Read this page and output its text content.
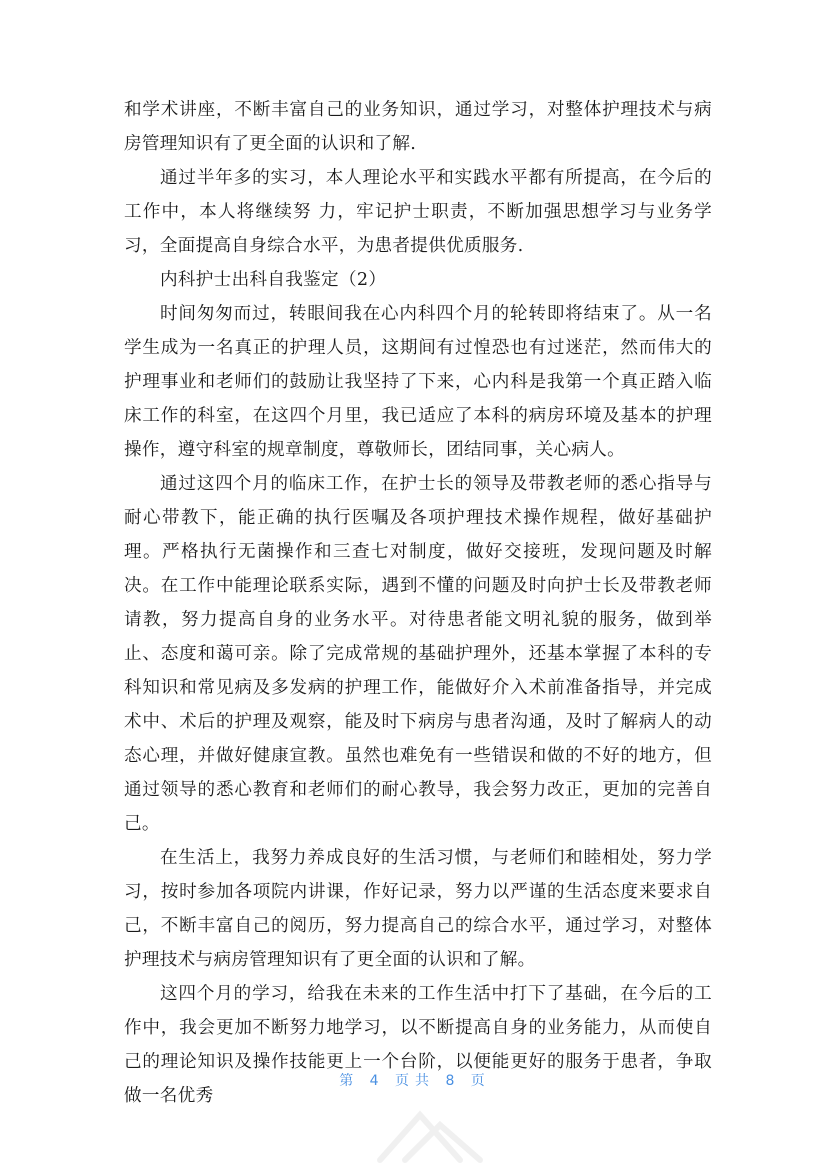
和学术讲座，不断丰富自己的业务知识，通过学习，对整体护理技术与病房管理知识有了更全面的认识和了解.

通过半年多的实习，本人理论水平和实践水平都有所提高，在今后的工作中，本人将继续努 力，牢记护士职责，不断加强思想学习与业务学习，全面提高自身综合水平，为患者提供优质服务.

内科护士出科自我鉴定（2）

时间匆匆而过，转眼间我在心内科四个月的轮转即将结束了。从一名学生成为一名真正的护理人员，这期间有过惶恐也有过迷茫，然而伟大的护理事业和老师们的鼓励让我坚持了下来，心内科是我第一个真正踏入临床工作的科室，在这四个月里，我已适应了本科的病房环境及基本的护理操作，遵守科室的规章制度，尊敬师长，团结同事，关心病人。

通过这四个月的临床工作，在护士长的领导及带教老师的悉心指导与耐心带教下，能正确的执行医嘱及各项护理技术操作规程，做好基础护理。严格执行无菌操作和三查七对制度，做好交接班，发现问题及时解决。在工作中能理论联系实际，遇到不懂的问题及时向护士长及带教老师请教，努力提高自身的业务水平。对待患者能文明礼貌的服务，做到举止、态度和蔼可亲。除了完成常规的基础护理外，还基本掌握了本科的专科知识和常见病及多发病的护理工作，能做好介入术前准备指导，并完成术中、术后的护理及观察，能及时下病房与患者沟通，及时了解病人的动态心理，并做好健康宣教。虽然也难免有一些错误和做的不好的地方，但通过领导的悉心教育和老师们的耐心教导，我会努力改正，更加的完善自己。

在生活上，我努力养成良好的生活习惯，与老师们和睦相处，努力学习，按时参加各项院内讲课，作好记录，努力以严谨的生活态度来要求自己，不断丰富自己的阅历，努力提高自己的综合水平，通过学习，对整体护理技术与病房管理知识有了更全面的认识和了解。

这四个月的学习，给我在未来的工作生活中打下了基础，在今后的工作中，我会更加不断努力地学习，以不断提高自身的业务能力，从而使自己的理论知识及操作技能更上一个台阶，以便能更好的服务于患者，争取做一名优秀

第 4 页共 8 页
